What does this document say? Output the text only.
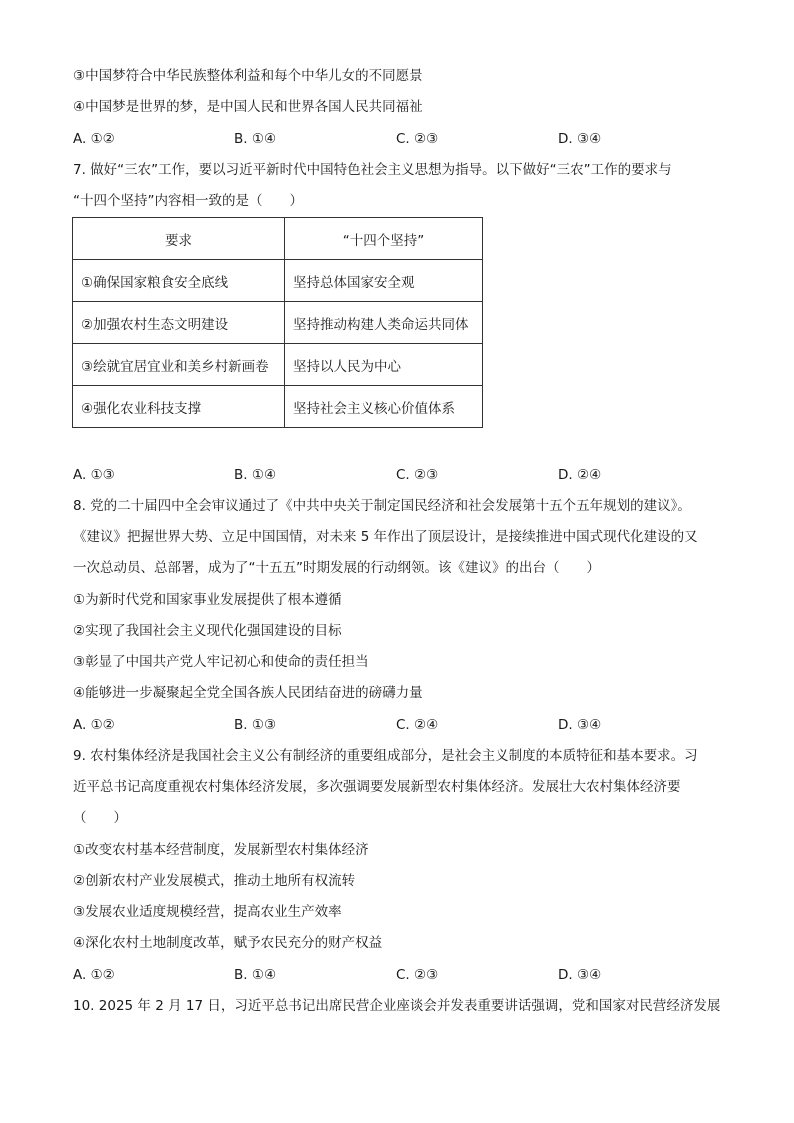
③中国梦符合中华民族整体利益和每个中华儿女的不同愿景
④中国梦是世界的梦，是中国人民和世界各国人民共同福祉
A. ①②	B. ①④	C. ②③	D. ③④
7. 做好“三农”工作，要以习近平新时代中国特色社会主义思想为指导。以下做好“三农”工作的要求与
“十四个坚持”内容相一致的是（　　）
要求	“十四个坚持”
①确保国家粮食安全底线	坚持总体国家安全观
②加强农村生态文明建设	坚持推动构建人类命运共同体
③绘就宜居宜业和美乡村新画卷	坚持以人民为中心
④强化农业科技支撑	坚持社会主义核心价值体系
A. ①③	B. ①④	C. ②③	D. ②④
8. 党的二十届四中全会审议通过了《中共中央关于制定国民经济和社会发展第十五个五年规划的建议》。
《建议》把握世界大势、立足中国国情，对未来 5 年作出了顶层设计，是接续推进中国式现代化建设的又
一次总动员、总部署，成为了“十五五”时期发展的行动纲领。该《建议》的出台（　　）
①为新时代党和国家事业发展提供了根本遵循
②实现了我国社会主义现代化强国建设的目标
③彰显了中国共产党人牢记初心和使命的责任担当
④能够进一步凝聚起全党全国各族人民团结奋进的磅礴力量
A. ①②	B. ①③	C. ②④	D. ③④
9. 农村集体经济是我国社会主义公有制经济的重要组成部分，是社会主义制度的本质特征和基本要求。习
近平总书记高度重视农村集体经济发展，多次强调要发展新型农村集体经济。发展壮大农村集体经济要
（　　）
①改变农村基本经营制度，发展新型农村集体经济
②创新农村产业发展模式，推动土地所有权流转
③发展农业适度规模经营，提高农业生产效率
④深化农村土地制度改革，赋予农民充分的财产权益
A. ①②	B. ①④	C. ②③	D. ③④
10. 2025 年 2 月 17 日，习近平总书记出席民营企业座谈会并发表重要讲话强调，党和国家对民营经济发展
